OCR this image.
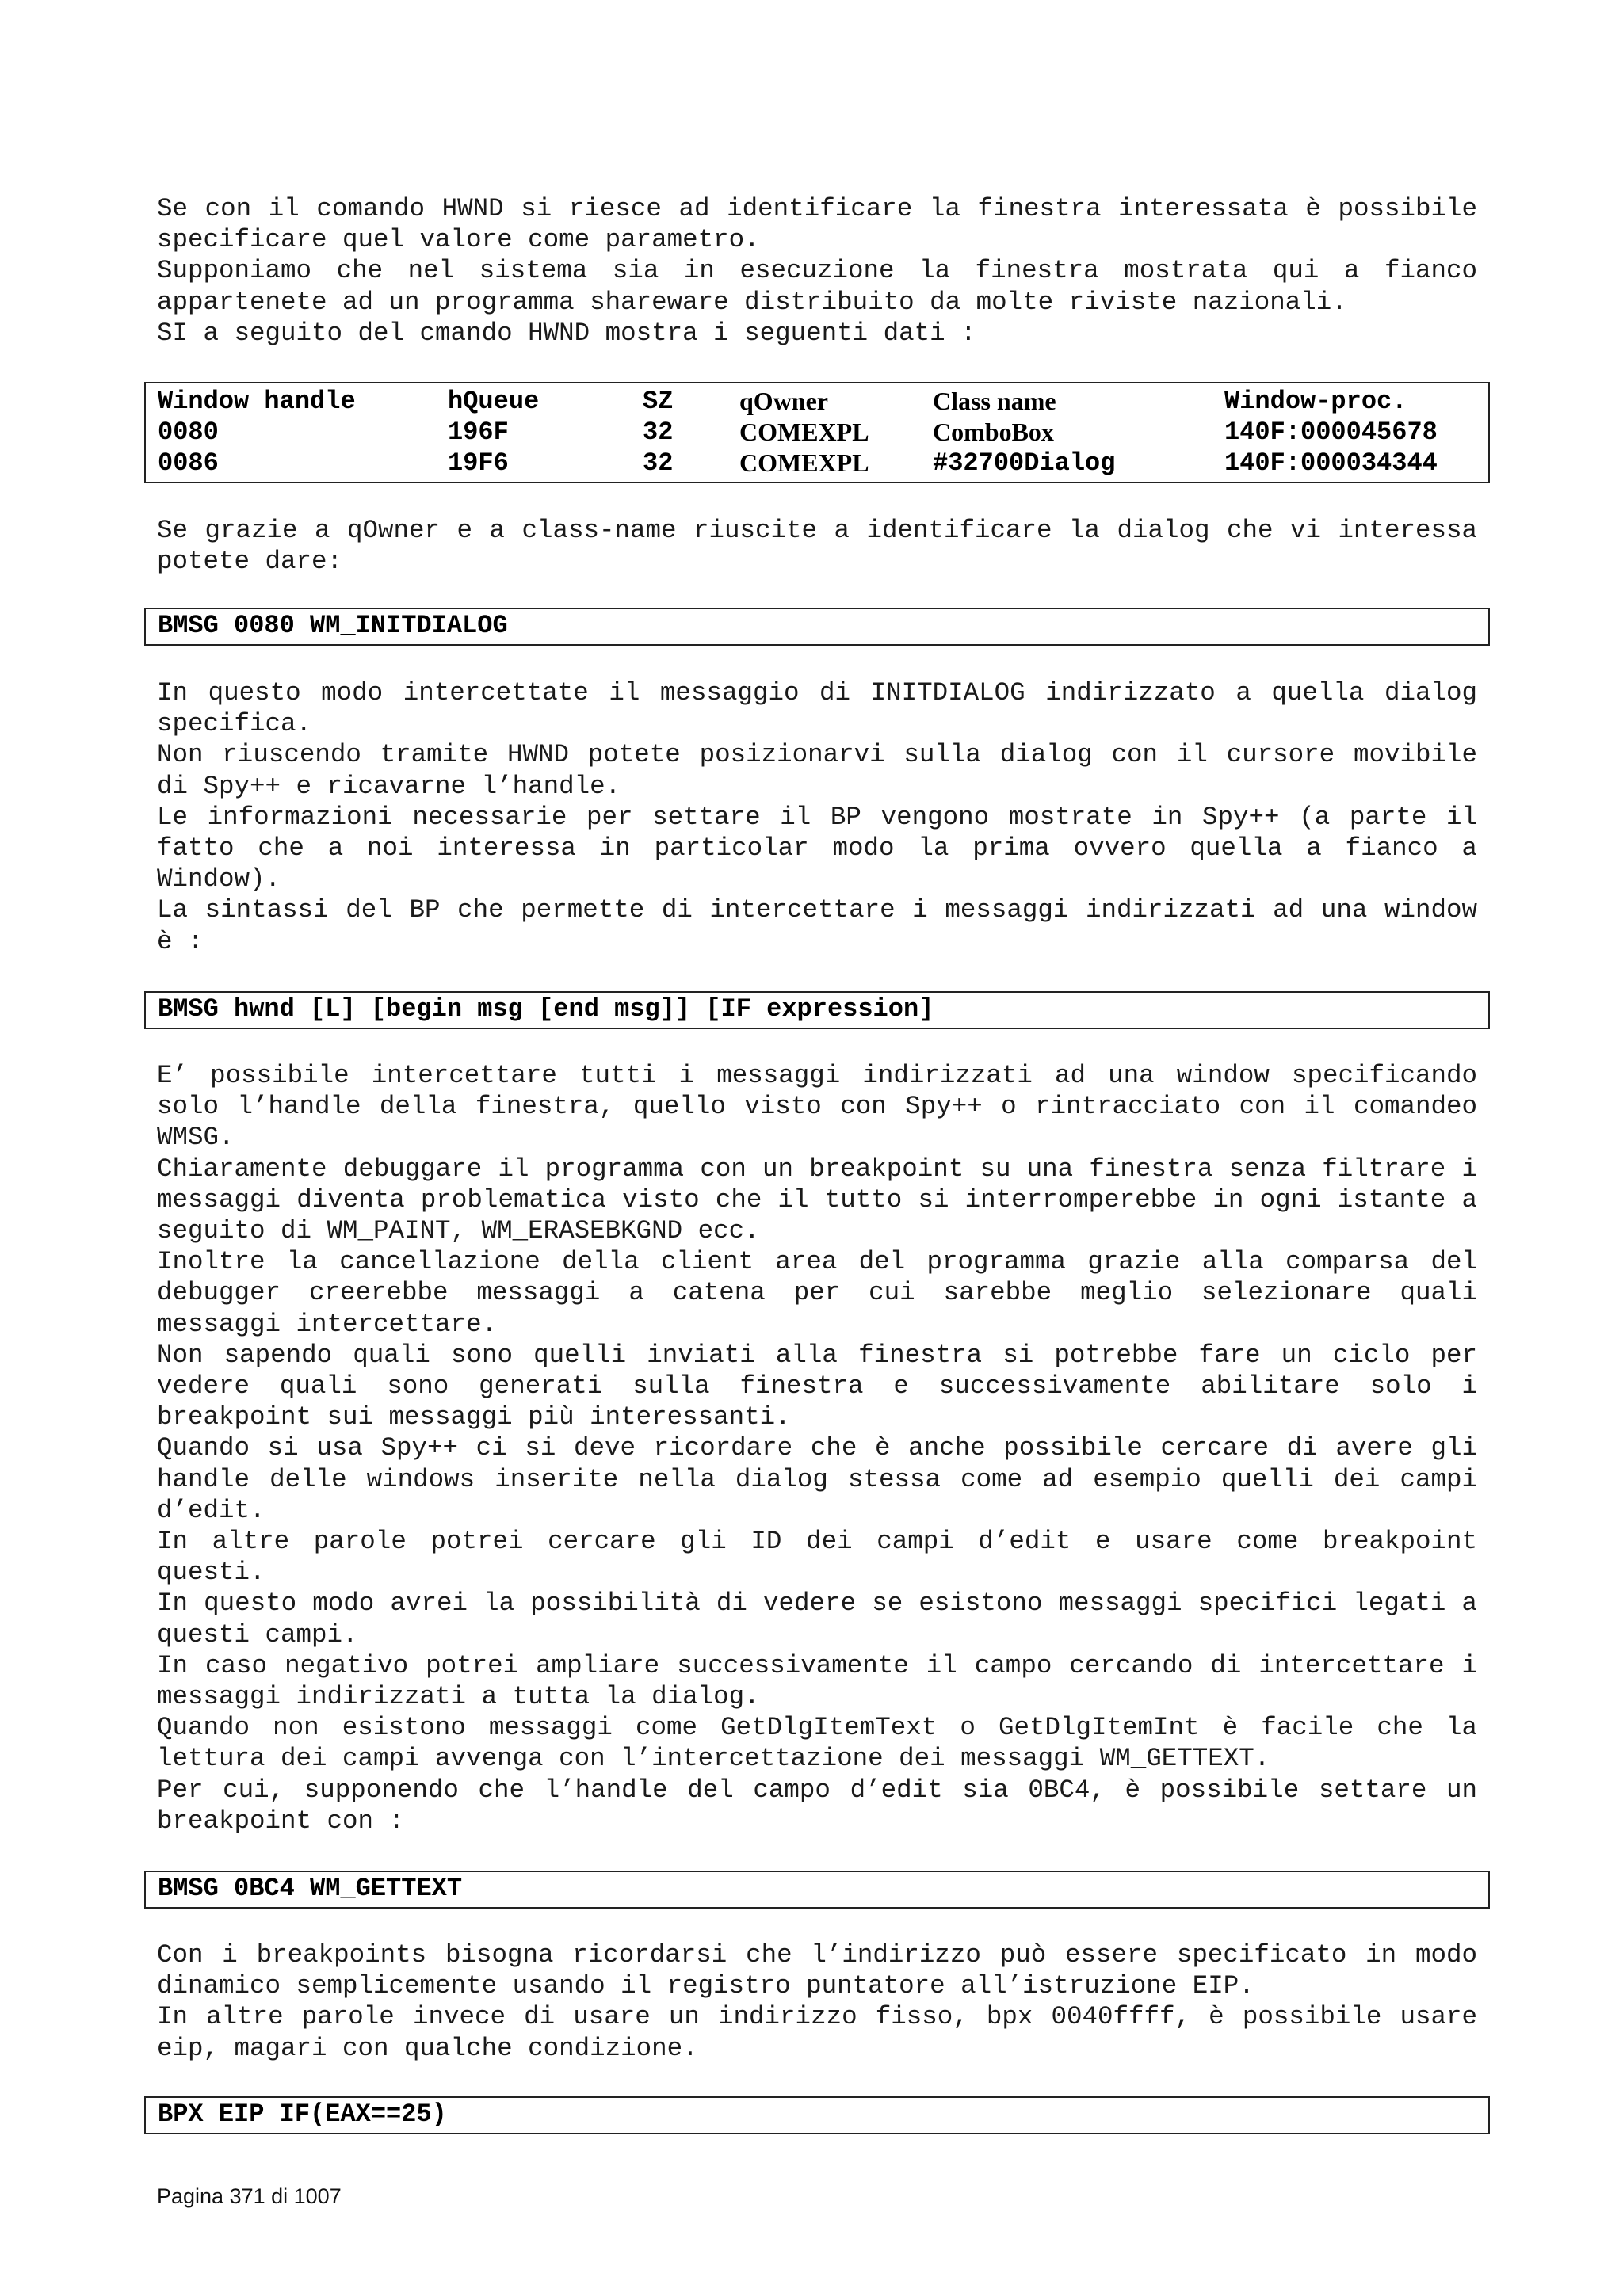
Se con il comando HWND si riesce ad identificare la finestra interessata è possibile specificare quel valore come parametro.

Supponiamo che nel sistema sia in esecuzione la finestra mostrata qui a fianco appartenete ad un programma shareware distribuito da molte riviste nazionali.

SI a seguito del cmando HWND mostra i seguenti dati :

Window handle	hQueue	SZ	qOwner	Class name	Window-proc.
0080	196F	32	COMEXPL	ComboBox	140F:000045678
0086	19F6	32	COMEXPL	#32700Dialog	140F:000034344

Se grazie a qOwner e a class-name riuscite a identificare la dialog che vi interessa potete dare:

BMSG 0080 WM_INITDIALOG

In questo modo intercettate il messaggio di INITDIALOG indirizzato a quella dialog specifica.

Non riuscendo tramite HWND potete posizionarvi sulla dialog con il cursore movibile di Spy++ e ricavarne l’handle.

Le informazioni necessarie per settare il BP vengono mostrate in Spy++ (a parte il fatto che a noi interessa in particolar modo la prima ovvero quella a fianco a Window).

La sintassi del BP che permette di intercettare i messaggi indirizzati ad una window è :

BMSG hwnd [L] [begin msg [end msg]] [IF expression]

E’ possibile intercettare tutti i messaggi indirizzati ad una window specificando solo l’handle della finestra, quello visto con Spy++ o rintracciato con il comandeo WMSG.

Chiaramente debuggare il programma con un breakpoint su una finestra senza filtrare i messaggi diventa problematica visto che il tutto si interromperebbe in ogni istante a seguito di WM_PAINT, WM_ERASEBKGND ecc.

Inoltre la cancellazione della client area del programma grazie alla comparsa del debugger creerebbe messaggi a catena per cui sarebbe meglio selezionare quali messaggi intercettare.

Non sapendo quali sono quelli inviati alla finestra si potrebbe fare un ciclo per vedere quali sono generati sulla finestra e successivamente abilitare solo i breakpoint sui messaggi più interessanti.

Quando si usa Spy++ ci si deve ricordare che è anche possibile cercare di avere gli handle delle windows inserite nella dialog stessa come ad esempio quelli dei campi d’edit.

In altre parole potrei cercare gli ID dei campi d’edit e usare come breakpoint questi.

In questo modo avrei la possibilità di vedere se esistono messaggi specifici legati a questi campi.

In caso negativo potrei ampliare successivamente il campo cercando di intercettare i messaggi indirizzati a tutta la dialog.

Quando non esistono messaggi come GetDlgItemText o GetDlgItemInt è facile che la lettura dei campi avvenga con l’intercettazione dei messaggi WM_GETTEXT.

Per cui, supponendo che l’handle del campo d’edit sia 0BC4, è possibile settare un breakpoint con :

BMSG 0BC4 WM_GETTEXT

Con i breakpoints bisogna ricordarsi che l’indirizzo può essere specificato in modo dinamico semplicemente usando il registro puntatore all’istruzione EIP.

In altre parole invece di usare un indirizzo fisso, bpx 0040ffff, è possibile usare eip, magari con qualche condizione.

BPX EIP IF(EAX==25)
Pagina 371 di 1007
